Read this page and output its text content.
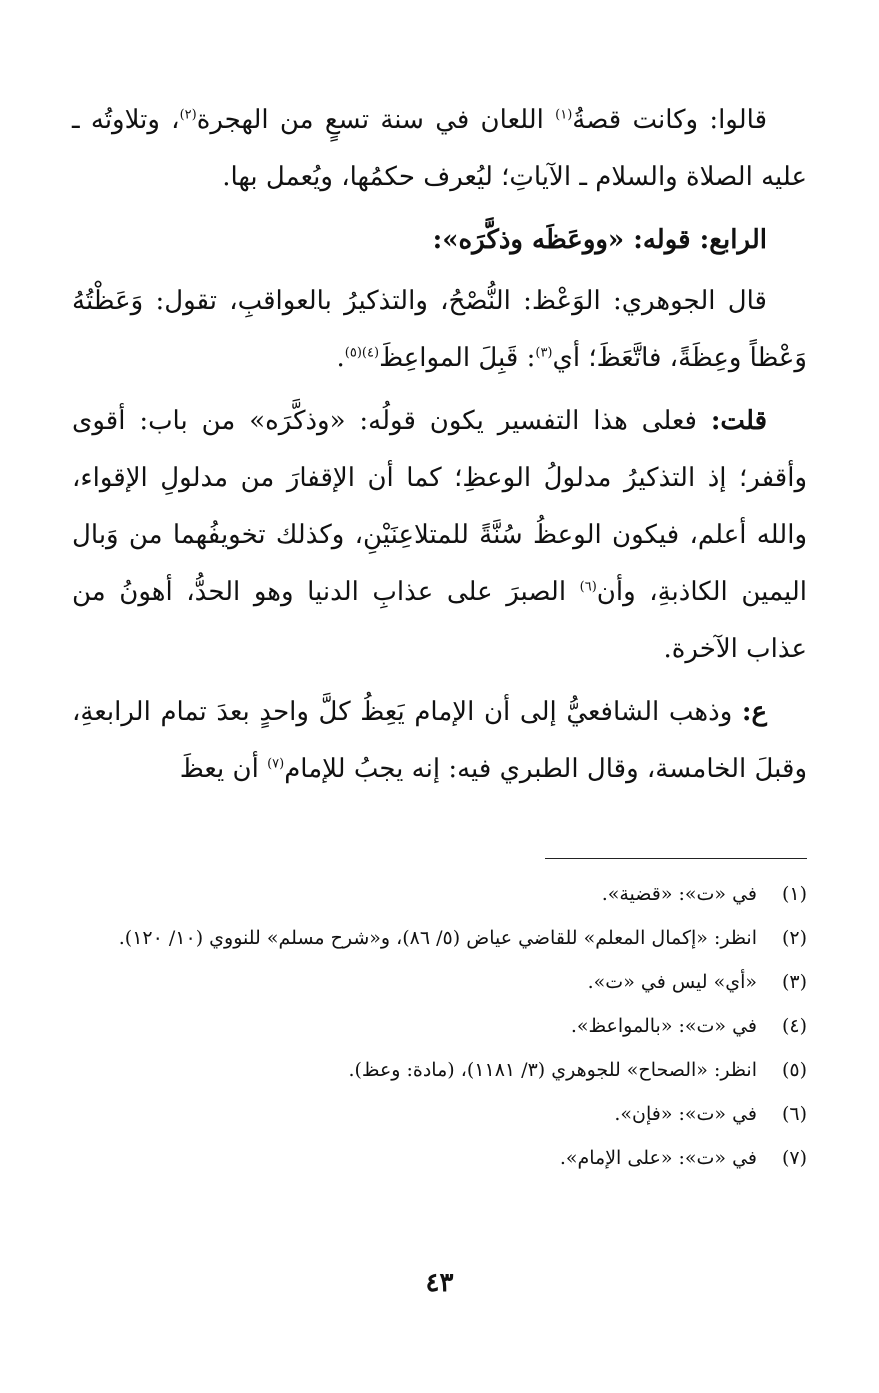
قالوا: وكانت قصةُ$^{(١)}$ اللعان في سنة تسعٍ من الهجرة$^{(٢)}$، وتلاوتُه ـ عليه الصلاة والسلام ـ الآياتِ؛ ليُعرف حكمُها، ويُعمل بها.

الرابع: قوله: «ووعَظَه وذكَّرَه»:

قال الجوهري: الوَعْظ: النُّصْحُ، والتذكيرُ بالعواقبِ، تقول: وَعَظْتُهُ وَعْظاً وعِظَةً، فاتَّعَظَ؛ أي$^{(٣)}$: قَبِلَ المواعِظَ$^{(٤)(٥)}$.

قلت: فعلى هذا التفسير يكون قولُه: «وذكَّرَه» من باب: أقوى وأقفر؛ إذ التذكيرُ مدلولُ الوعظِ؛ كما أن الإقفارَ من مدلولِ الإقواء، والله أعلم، فيكون الوعظُ سُنَّةً للمتلاعِنَيْنِ، وكذلك تخويفُهما من وَبال اليمين الكاذبةِ، وأن$^{(٦)}$ الصبرَ على عذابِ الدنيا وهو الحدُّ، أهونُ من عذاب الآخرة.

ع: وذهب الشافعيُّ إلى أن الإمام يَعِظُ كلَّ واحدٍ بعدَ تمام الرابعةِ، وقبلَ الخامسة، وقال الطبري فيه: إنه يجبُ للإمام$^{(٧)}$ أن يعظَ

(١)
في «ت»: «قضية».
(٢)
انظر: «إكمال المعلم» للقاضي عياض (٥/ ٨٦)، و«شرح مسلم» للنووي (١٠/ ١٢٠).
(٣)
«أي» ليس في «ت».
(٤)
في «ت»: «بالمواعظ».
(٥)
انظر: «الصحاح» للجوهري (٣/ ١١٨١)، (مادة: وعظ).
(٦)
في «ت»: «فإن».
(٧)
في «ت»: «على الإمام».
٤٣
